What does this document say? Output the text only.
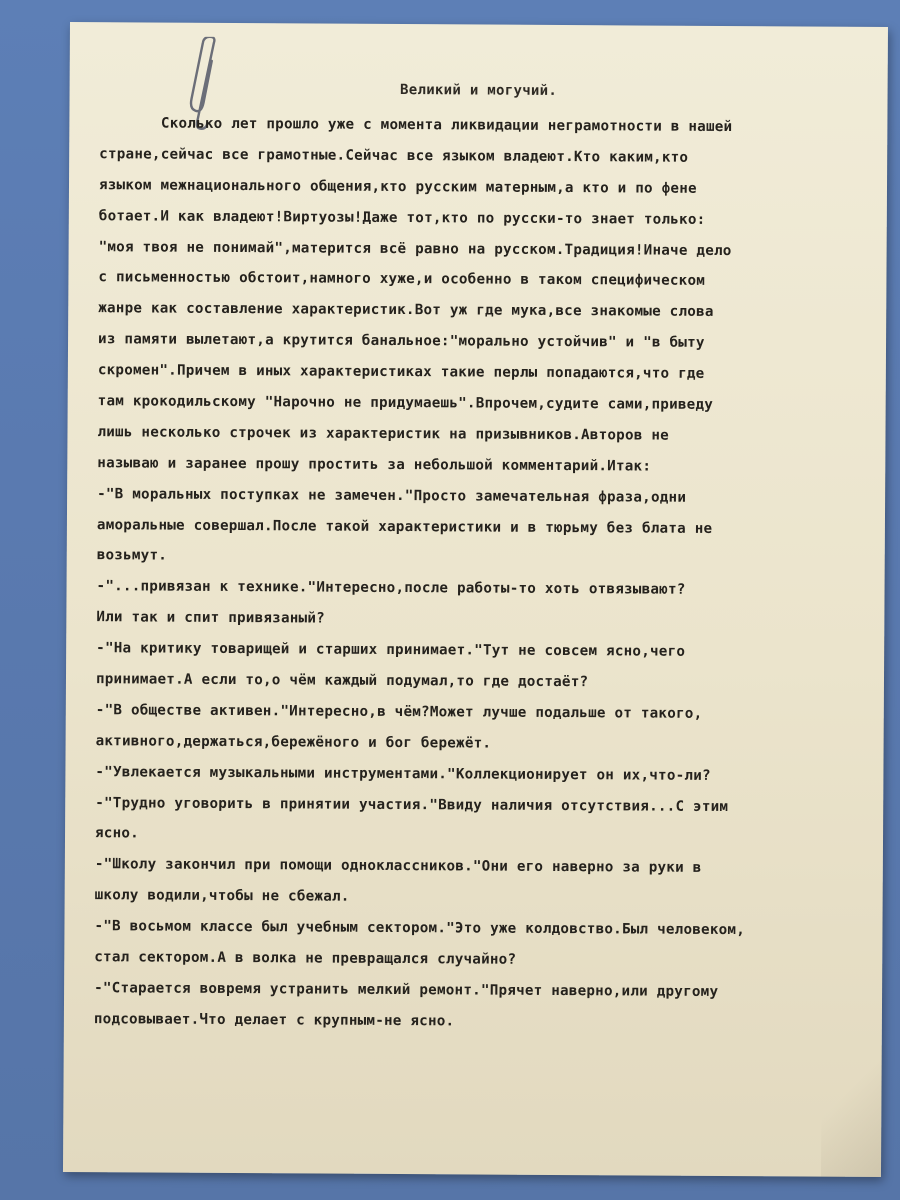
Великий и могучий.
Сколько лет прошло уже с момента ликвидации неграмотности в нашей
стране,сейчас все грамотные.Сейчас все языком владеют.Кто каким,кто
языком межнационального общения,кто русским матерным,а кто и по фене
ботает.И как владеют!Виртуозы!Даже тот,кто по русски-то знает только:
"моя твоя не понимай",матерится всё равно на русском.Традиция!Иначе дело
с письменностью обстоит,намного хуже,и особенно в таком специфическом
жанре как составление характеристик.Вот уж где мука,все знакомые слова
из памяти вылетают,а крутится банальное:"морально устойчив" и "в быту
скромен".Причем в иных характеристиках такие перлы попадаются,что где
там крокодильскому "Нарочно не придумаешь".Впрочем,судите сами,приведу
лишь несколько строчек из характеристик на призывников.Авторов не
называю и заранее прошу простить за небольшой комментарий.Итак:
-"В моральных поступках не замечен."Просто замечательная фраза,одни
аморальные совершал.После такой характеристики и в тюрьму без блата не
возьмут.
-"...привязан к технике."Интересно,после работы-то хоть отвязывают?
Или так и спит привязаный?
-"На критику товарищей и старших принимает."Тут не совсем ясно,чего
принимает.А если то,о чём каждый подумал,то где достаёт?
-"В обществе активен."Интересно,в чём?Может лучше подальше от такого,
активного,держаться,бережёного и бог бережёт.
-"Увлекается музыкальными инструментами."Коллекционирует он их,что-ли?
-"Трудно уговорить в принятии участия."Ввиду наличия отсутствия...С этим
ясно.
-"Школу закончил при помощи одноклассников."Они его наверно за руки в
школу водили,чтобы не сбежал.
-"В восьмом классе был учебным сектором."Это уже колдовство.Был человеком,
стал сектором.А в волка не превращался случайно?
-"Старается вовремя устранить мелкий ремонт."Прячет наверно,или другому
подсовывает.Что делает с крупным-не ясно.
